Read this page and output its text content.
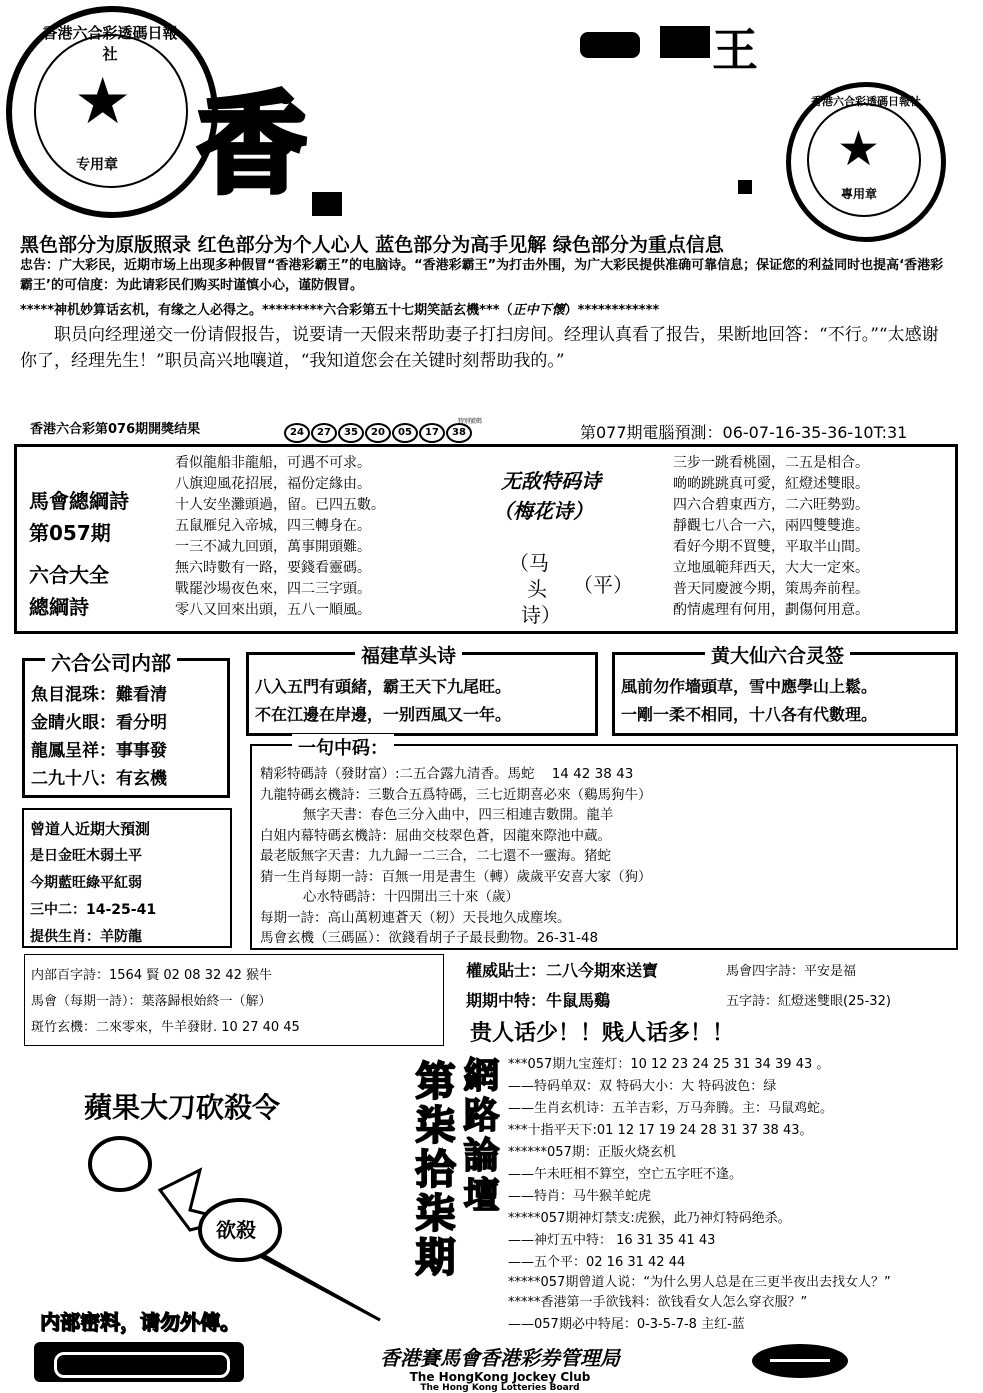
香港六合彩透碼日報社
★
专用章 香
王
香港六合彩透碼日報社
★
專用章
黑色部分为原版照录 红色部分为个人心人 蓝色部分为高手见解 绿色部分为重点信息
忠告：广大彩民，近期市场上出现多种假冒“香港彩霸王”的电脑诗。“香港彩霸王”为打击外围，为广大彩民提供准确可靠信息；保证您的利益同时也提高‘香港彩霸王’的可信度：为此请彩民们购买时谨慎小心，谨防假冒。
*****神机妙算话玄机，有缘之人必得之。*********六合彩第五十七期笑話玄機***（正中下懷）************
职员向经理递交一份请假报告，说要请一天假来帮助妻子打扫房间。经理认真看了报告，果断地回答：“不行。”“太感谢你了，经理先生！”职员高兴地嚷道，“我知道您会在关键时刻帮助我的。”
香港六合彩第076期開獎结果	24 27 35 20 05 17 38
特別號碼
第077期電腦預測：06-07-16-35-36-10T:31
馬會總綱詩
第057期
六合大全
總綱詩
看似龍船非龍船，可遇不可求。
八旗迎風花招展，福份定緣由。
十人安坐灘頭過，留。已四五數。
五鼠雁兒入帝城，四三轉身在。
一三不减九回頭，萬事開頭難。
無六時數有一路，要錢看靈碼。
戰罷沙場夜色來，四二三字頭。
零八又回來出頭，五八一順風。
无敌特码诗
（梅花诗）
（马
头 （平）
诗）
三步一跳看桃園，二五是相合。
啲啲跳跳真可愛，紅燈述雙眼。
四六合碧東西方，二六旺勢勁。
靜觀七八合一六，兩四雙雙進。
看好今期不買雙，平取半山間。
立地風範拜西天，大大一定來。
普天同慶渡今期，策馬奔前程。
酌情處理有何用，劃傷何用意。
六合公司内部
魚目混珠：難看清
金睛火眼：看分明
龍鳳呈祥：事事發
二九十八：有玄機
福建草头诗
八入五門有頭緒，霸王天下九尾旺。
不在江邊在岸邊，一别西風又一年。
黄大仙六合灵签
風前勿作墻頭草，雪中應學山上鬆。
一剛一柔不相同，十八各有代數理。
一句中码：
精彩特碼詩（發財富）:二五合露九清香。馬蛇    14 42 38 43
九龍特碼玄機詩：三數合五爲特碼，三七近期喜必來（鷄馬狗牛）
無字天書：春色三分入曲中，四三相連吉數開。龍羊
白姐内幕特碼玄機詩：屈曲交枝翠色蒼，因龍來際池中蔵。
最老版無字天書：九九歸一二三合，二七還不一靈海。猪蛇
猜一生肖每期一詩：百無一用是書生（轉）歲歲平安喜大家（狗）
心水特碼詩：十四開出三十來（歲）
每期一詩：高山萬籾連蒼天（籾）天長地久成塵埃。
馬會玄機（三碼區）：欲錢看胡子子最長動物。26-31-48
曾道人近期大預測
是日金旺木弱土平
今期藍旺綠平紅弱
三中二：14-25-41
提供生肖：羊防龍
内部百字詩：1564 賢 02 08 32 42 猴牛
馬會（每期一詩）：葉落歸根始終一（解）
斑竹玄機：二來零來，牛羊發財. 10 27 40 45
權威貼士：二八今期來送寶	馬會四字詩：平安是福
期期中特：牛鼠馬鷄	五字詩：紅燈迷雙眼(25-32)
贵人话少！！贱人话多！！
蘋果大刀砍殺令
欲殺
内部密料，请勿外傳。
第柒拾柒期 網路論壇 ***057期九宝莲灯：10 12 23 24 25 31 34 39 43 。
——特码单双：双 特码大小：大 特码波色：绿
——生肖玄机诗：五羊吉彩，万马奔腾。主：马鼠鸡蛇。
***十指平天下:01 12 17 19 24 28 31 37 38 43。
******057期：正版火烧玄机
——午未旺相不算空，空亡五字旺不逢。
——特肖：马牛猴羊蛇虎
*****057期神灯禁支:虎猴，此乃神灯特码绝杀。
——神灯五中特： 16 31 35 41 43
——五个平：02 16 31 42 44
*****057期曾道人说：“为什么男人总是在三更半夜出去找女人？”
*****香港第一手欲钱料：欲钱看女人怎么穿衣服？”
——057期必中特尾：0-3-5-7-8 主红-蓝
香港賽馬會香港彩券管理局
The HongKong Jockey Club
The Hong Kong Lotteries Board
